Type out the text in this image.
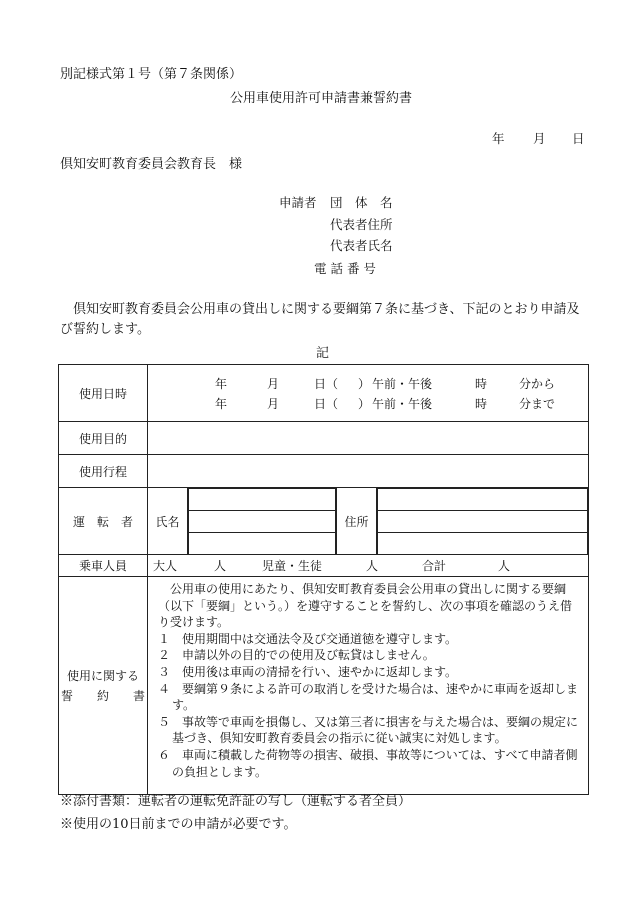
別記様式第１号（第７条関係）
公用車使用許可申請書兼誓約書
年 月 日
倶知安町教育委員会教育長　様
申請者 団　体　名
代表者住所
代表者氏名
電 話 番 号
倶知安町教育委員会公用車の貸出しに関する要綱第７条に基づき、下記のとおり申請及び誓約します。
記
使用日時	
年	月	日（ ） 午前・午後	時	分から
年	月	日（ ） 午前・午後	時	分まで

使用目的	
使用行程	
運　転　者	氏名		住所	

乗車人員	大人	人	児童・生徒	人	合計	人

使用に関する
誓　　約　　書

公用車の使用にあたり、倶知安町教育委員会公用車の貸出しに関する要綱（以下「要綱」という。）を遵守することを誓約し、次の事項を確認のうえ借り受けます。
１　使用期間中は交通法令及び交通道徳を遵守します。
２　申請以外の目的での使用及び転貸はしません。
３　使用後は車両の清掃を行い、速やかに返却します。
４　要綱第９条による許可の取消しを受けた場合は、速やかに車両を返却します。
５　事故等で車両を損傷し、又は第三者に損害を与えた場合は、要綱の規定に基づき、倶知安町教育委員会の指示に従い誠実に対処します。
６　車両に積載した荷物等の損害、破損、事故等については、すべて申請者側の負担とします。
※添付書類：運転者の運転免許証の写し（運転する者全員）
※使用の10日前までの申請が必要です。
